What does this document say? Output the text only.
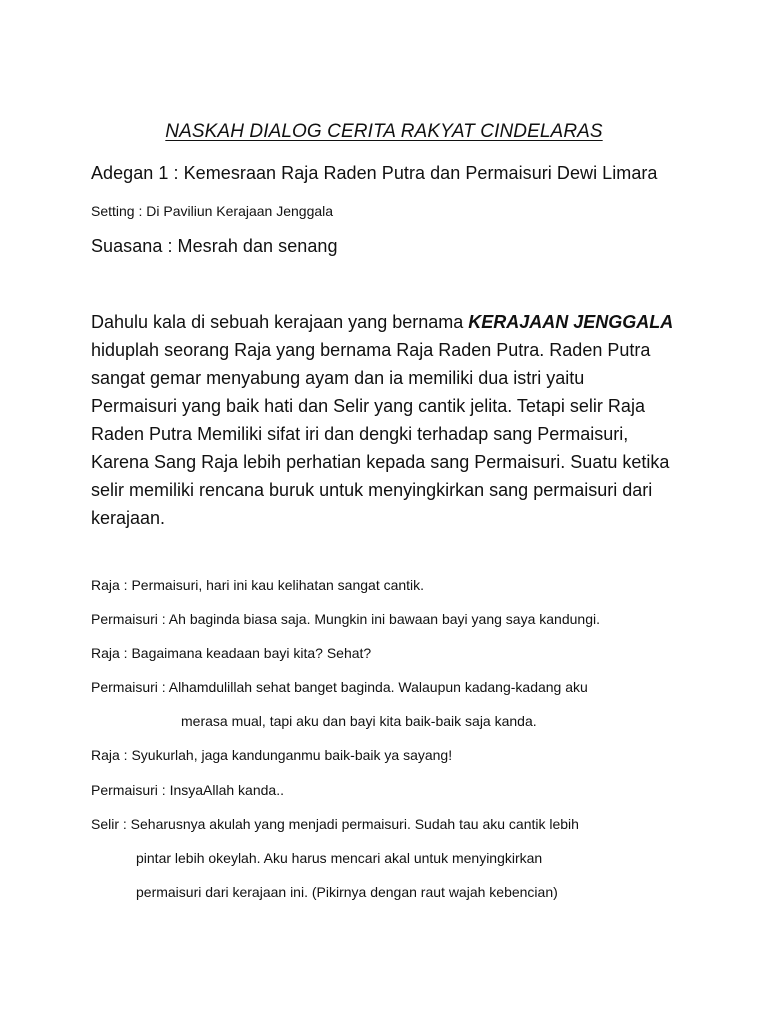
NASKAH DIALOG CERITA RAKYAT CINDELARAS
Adegan 1 : Kemesraan Raja Raden Putra dan Permaisuri Dewi Limara
Setting : Di Paviliun Kerajaan Jenggala
Suasana : Mesrah dan senang
Dahulu kala di sebuah kerajaan yang bernama KERAJAAN JENGGALA
hiduplah seorang Raja yang bernama Raja Raden Putra. Raden Putra
sangat gemar menyabung ayam dan ia memiliki dua istri yaitu
Permaisuri yang baik hati dan Selir yang cantik jelita. Tetapi selir Raja
Raden Putra Memiliki sifat iri dan dengki terhadap sang Permaisuri,
Karena Sang Raja lebih perhatian kepada sang Permaisuri. Suatu ketika
selir memiliki rencana buruk untuk menyingkirkan sang permaisuri dari
kerajaan.
Raja : Permaisuri, hari ini kau kelihatan sangat cantik.
Permaisuri : Ah baginda biasa saja. Mungkin ini bawaan bayi yang saya kandungi.
Raja : Bagaimana keadaan bayi kita? Sehat?
Permaisuri : Alhamdulillah sehat banget baginda. Walaupun kadang-kadang aku
merasa mual, tapi aku dan bayi kita baik-baik saja kanda.
Raja : Syukurlah, jaga kandunganmu baik-baik ya sayang!
Permaisuri : InsyaAllah kanda..
Selir : Seharusnya akulah yang menjadi permaisuri. Sudah tau aku cantik lebih
pintar lebih okeylah. Aku harus mencari akal untuk menyingkirkan
permaisuri dari kerajaan ini. (Pikirnya dengan raut wajah kebencian)
